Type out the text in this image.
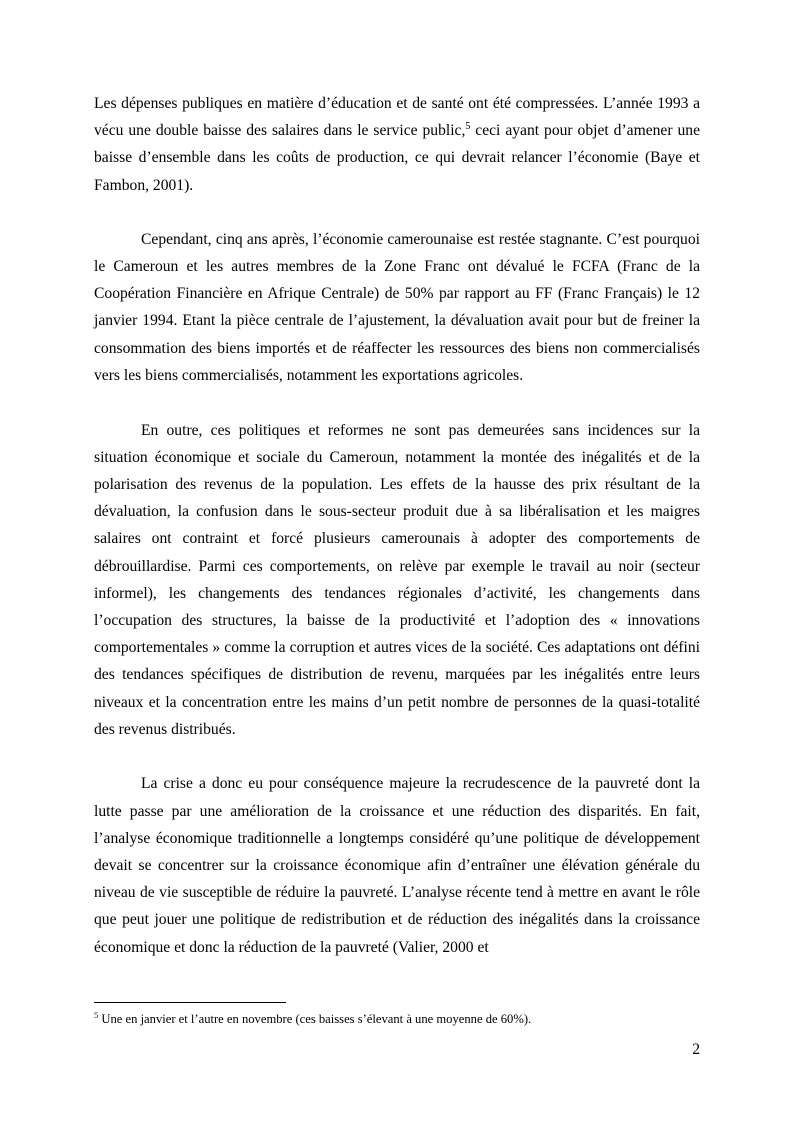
Les dépenses publiques en matière d’éducation et de santé ont été compressées. L’année 1993 a vécu une double baisse des salaires dans le service public,$^5$ ceci ayant pour objet d’amener une baisse d’ensemble dans les coûts de production, ce qui devrait relancer l’économie (Baye et Fambon, 2001).

Cependant, cinq ans après, l’économie camerounaise est restée stagnante. C’est pourquoi le Cameroun et les autres membres de la Zone Franc ont dévalué le FCFA (Franc de la Coopération Financière en Afrique Centrale) de 50% par rapport au FF (Franc Français) le 12 janvier 1994. Etant la pièce centrale de l’ajustement, la dévaluation avait pour but de freiner la consommation des biens importés et de réaffecter les ressources des biens non commercialisés vers les biens commercialisés, notamment les exportations agricoles.

En outre, ces politiques et reformes ne sont pas demeurées sans incidences sur la situation économique et sociale du Cameroun, notamment la montée des inégalités et de la polarisation des revenus de la population. Les effets de la hausse des prix résultant de la dévaluation, la confusion dans le sous-secteur produit due à sa libéralisation et les maigres salaires ont contraint et forcé plusieurs camerounais à adopter des comportements de débrouillardise. Parmi ces comportements, on relève par exemple le travail au noir (secteur informel), les changements des tendances régionales d’activité, les changements dans l’occupation des structures, la baisse de la productivité et l’adoption des « innovations comportementales » comme la corruption et autres vices de la société. Ces adaptations ont défini des tendances spécifiques de distribution de revenu, marquées par les inégalités entre leurs niveaux et la concentration entre les mains d’un petit nombre de personnes de la quasi-totalité des revenus distribués.

La crise a donc eu pour conséquence majeure la recrudescence de la pauvreté dont la lutte passe par une amélioration de la croissance et une réduction des disparités. En fait, l’analyse économique traditionnelle a longtemps considéré qu’une politique de développement devait se concentrer sur la croissance économique afin d’entraîner une élévation générale du niveau de vie susceptible de réduire la pauvreté. L’analyse récente tend à mettre en avant le rôle que peut jouer une politique de redistribution et de réduction des inégalités dans la croissance économique et donc la réduction de la pauvreté (Valier, 2000 et

$^5$ Une en janvier et l’autre en novembre (ces baisses s’élevant à une moyenne de 60%).
2
